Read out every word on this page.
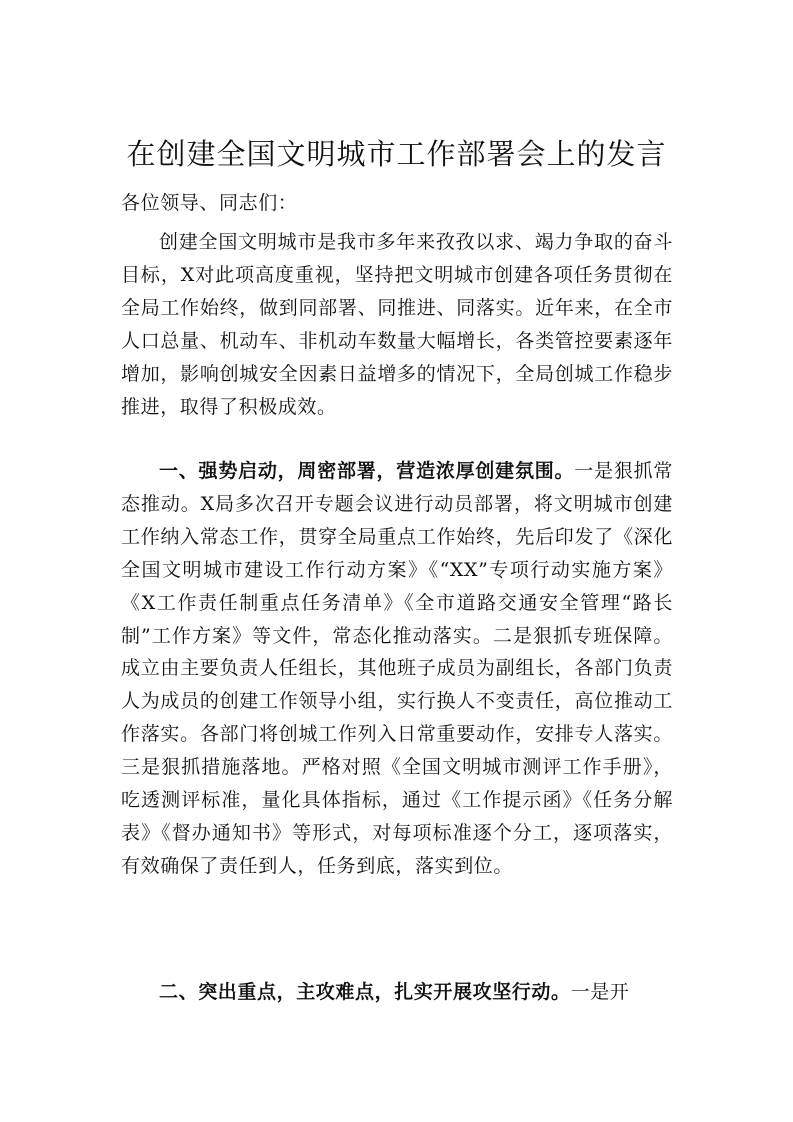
在创建全国文明城市工作部署会上的发言
各位领导、同志们：
创建全国文明城市是我市多年来孜孜以求、竭力争取的奋斗目标，X对此项高度重视，坚持把文明城市创建各项任务贯彻在全局工作始终，做到同部署、同推进、同落实。近年来，在全市人口总量、机动车、非机动车数量大幅增长，各类管控要素逐年增加，影响创城安全因素日益增多的情况下，全局创城工作稳步推进，取得了积极成效。
一、强势启动，周密部署，营造浓厚创建氛围。一是狠抓常态推动。X局多次召开专题会议进行动员部署，将文明城市创建工作纳入常态工作，贯穿全局重点工作始终，先后印发了《深化全国文明城市建设工作行动方案》《“XX”专项行动实施方案》《X工作责任制重点任务清单》《全市道路交通安全管理“路长制”工作方案》等文件，常态化推动落实。二是狠抓专班保障。成立由主要负责人任组长，其他班子成员为副组长，各部门负责人为成员的创建工作领导小组，实行换人不变责任，高位推动工作落实。各部门将创城工作列入日常重要动作，安排专人落实。三是狠抓措施落地。严格对照《全国文明城市测评工作手册》，吃透测评标准，量化具体指标，通过《工作提示函》《任务分解表》《督办通知书》等形式，对每项标准逐个分工，逐项落实，有效确保了责任到人，任务到底，落实到位。
二、突出重点，主攻难点，扎实开展攻坚行动。一是开
